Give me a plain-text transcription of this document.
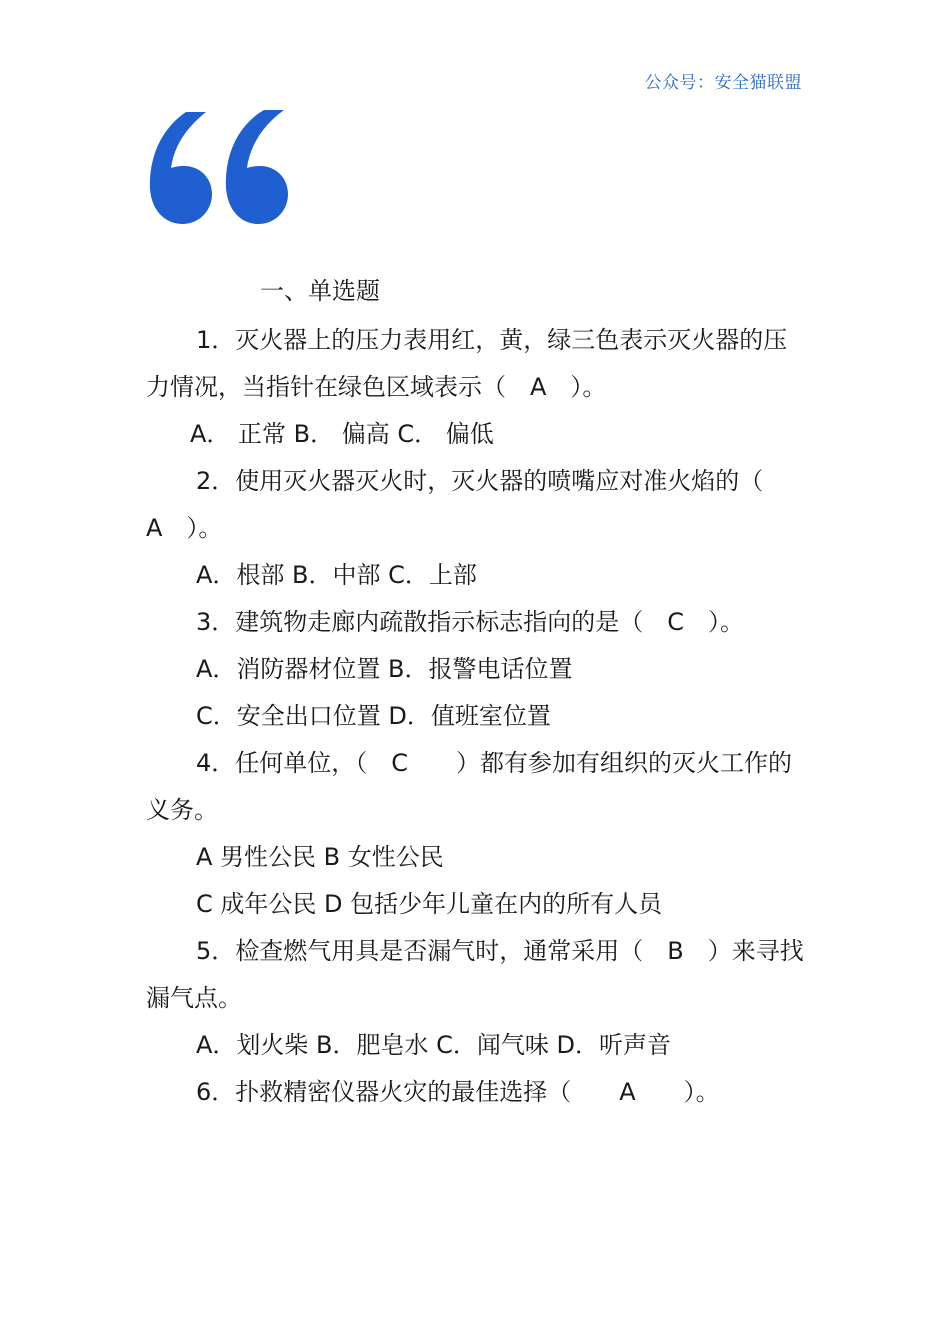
公众号：安全猫联盟
一、单选题
1．灭火器上的压力表用红，黄，绿三色表示灭火器的压力情况，当指针在绿色区域表示（　A　）。
A． 正常 B． 偏高 C． 偏低
2．使用灭火器灭火时，灭火器的喷嘴应对准火焰的（　A　）。
A．根部 B．中部 C．上部
3．建筑物走廊内疏散指示标志指向的是（　C　）。
A．消防器材位置 B．报警电话位置
C．安全出口位置 D．值班室位置
4．任何单位，（　C　　）都有参加有组织的灭火工作的义务。
A 男性公民 B 女性公民
C 成年公民 D 包括少年儿童在内的所有人员
5．检查燃气用具是否漏气时，通常采用（　B　）来寻找漏气点。
A．划火柴 B．肥皂水 C．闻气味 D．听声音
6．扑救精密仪器火灾的最佳选择（　　A　　）。
